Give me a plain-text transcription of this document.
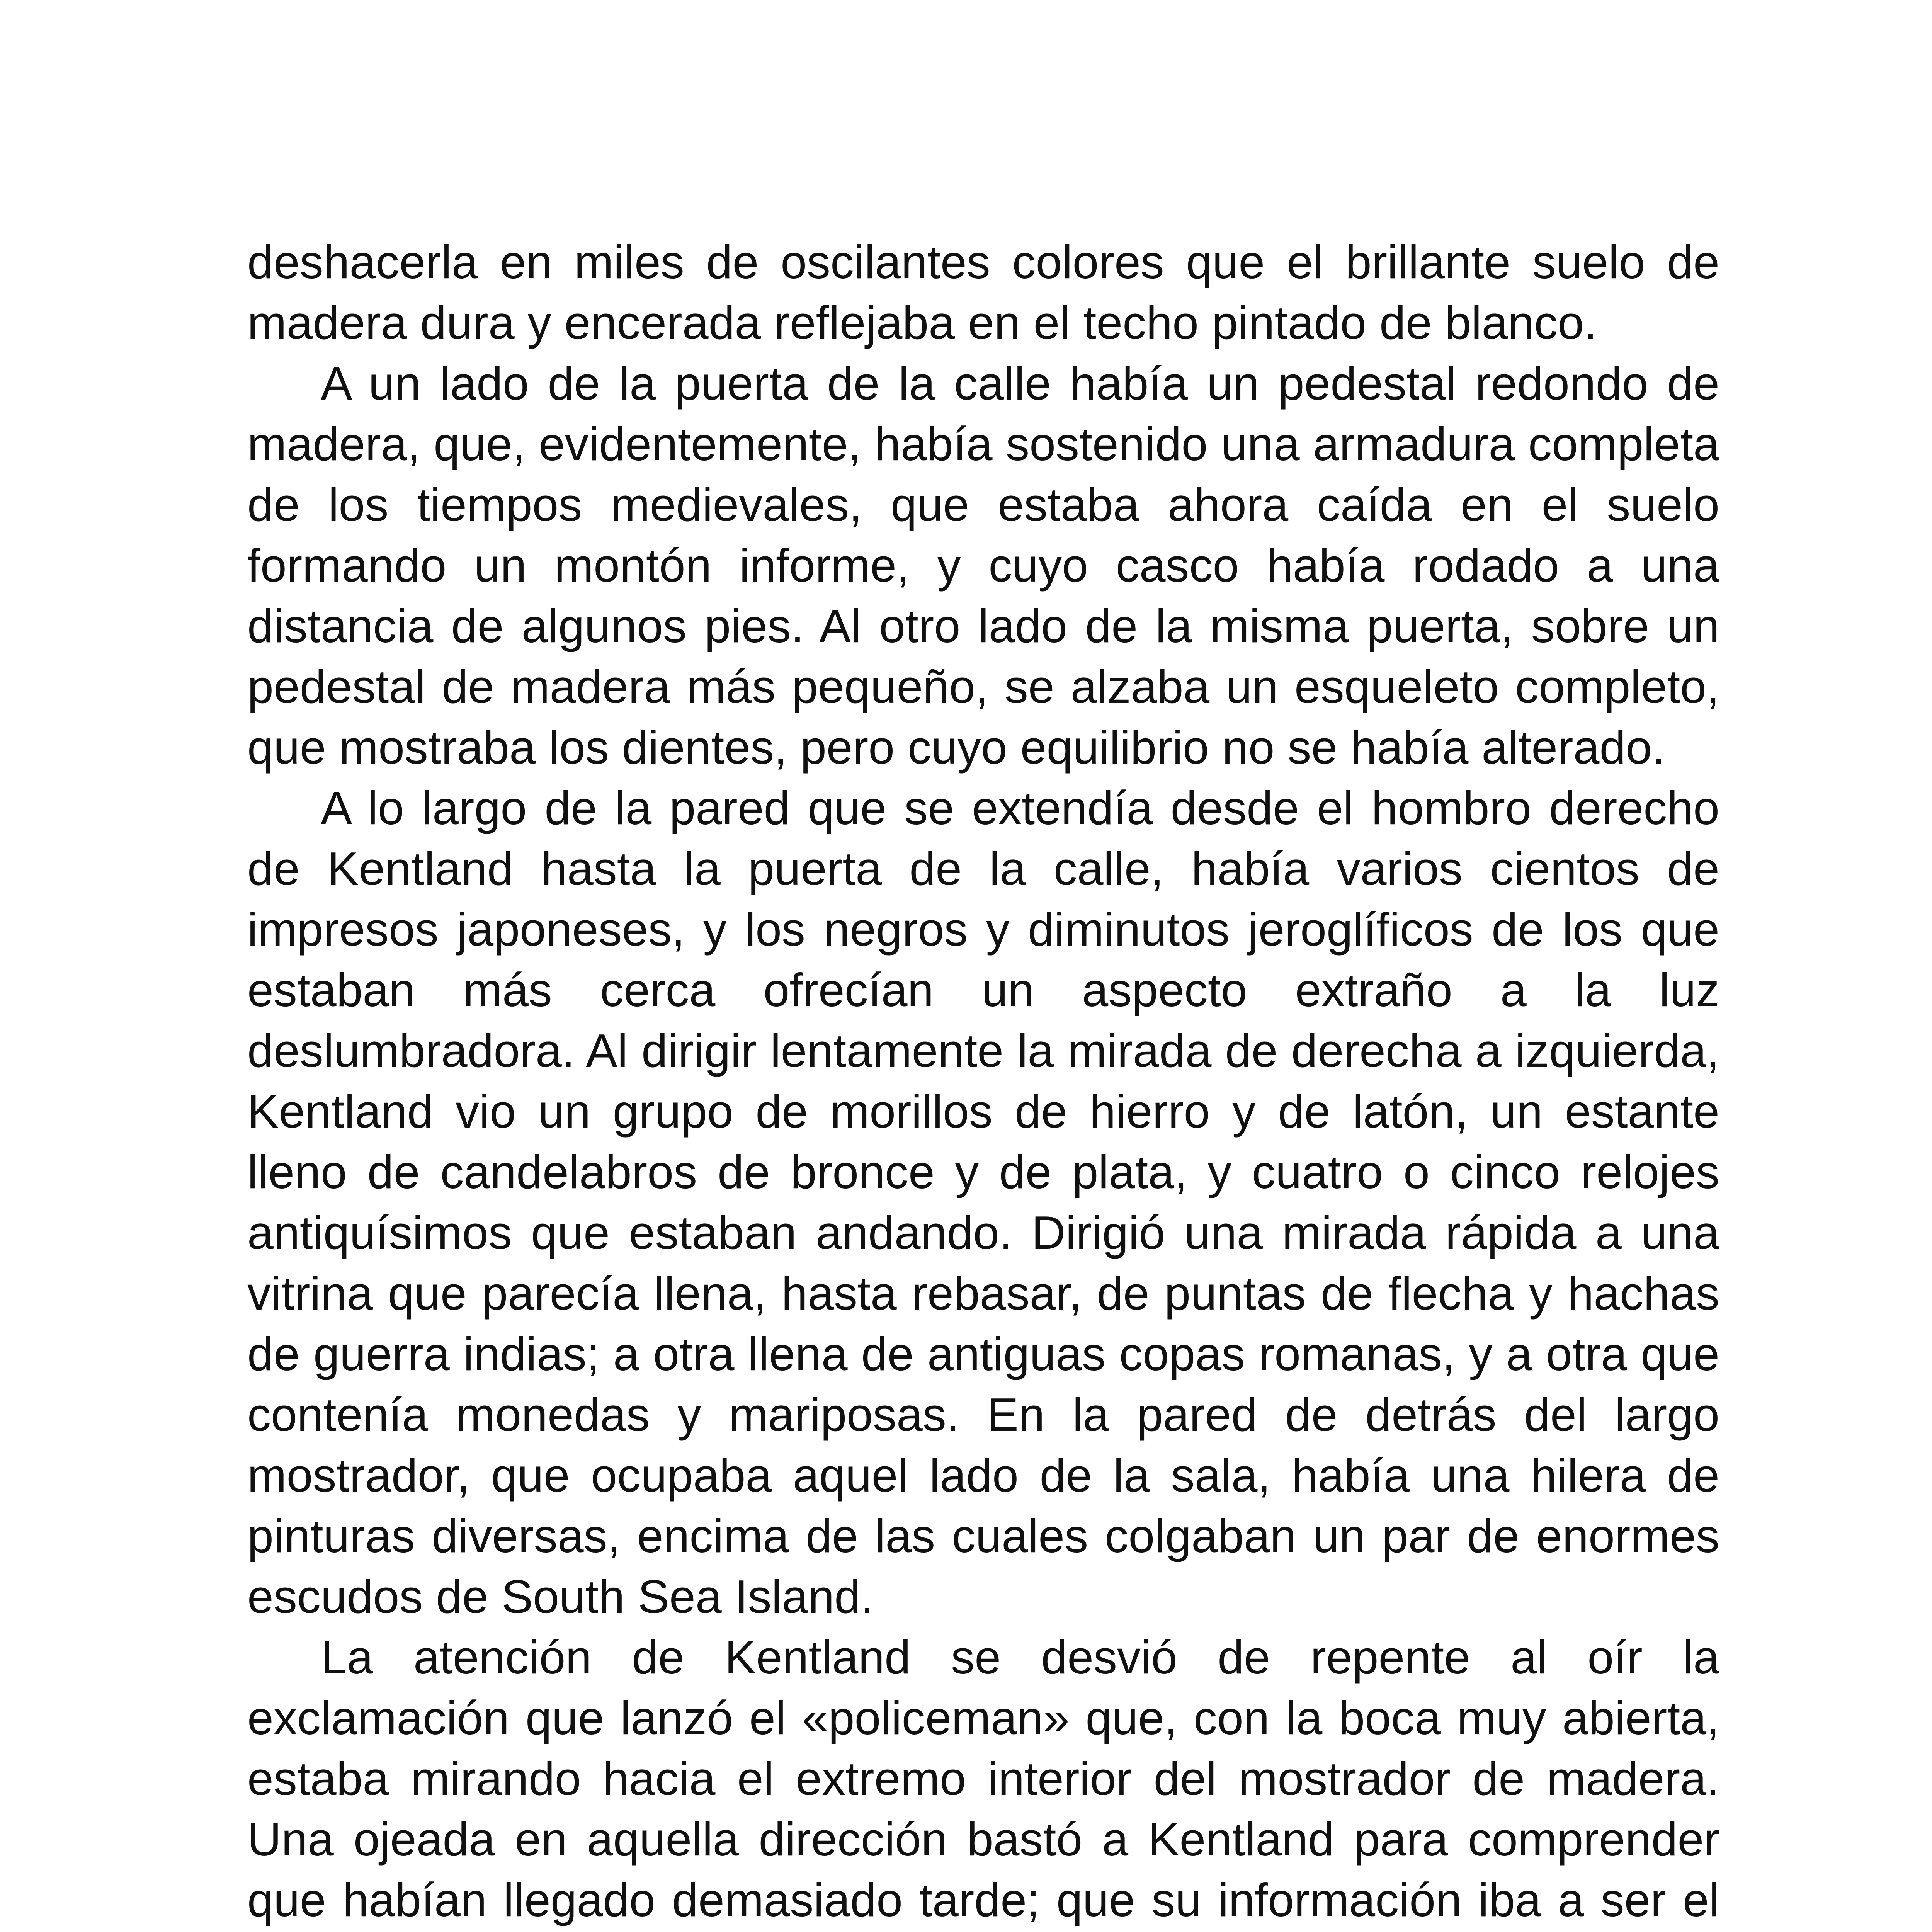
deshacerla en miles de oscilantes colores que el brillante suelo de madera dura y encerada reflejaba en el techo pintado de blanco.

A un lado de la puerta de la calle había un pedestal redondo de madera, que, evidentemente, había sostenido una armadura completa de los tiempos medievales, que estaba ahora caída en el suelo formando un montón informe, y cuyo casco había rodado a una distancia de algunos pies. Al otro lado de la misma puerta, sobre un pedestal de madera más pequeño, se alzaba un esqueleto completo, que mostraba los dientes, pero cuyo equilibrio no se había alterado.

A lo largo de la pared que se extendía desde el hombro derecho de Kentland hasta la puerta de la calle, había varios cientos de impresos japoneses, y los negros y diminutos jeroglíficos de los que estaban más cerca ofrecían un aspecto extraño a la luz deslumbradora. Al dirigir lentamente la mirada de derecha a izquierda, Kentland vio un grupo de morillos de hierro y de latón, un estante lleno de candelabros de bronce y de plata, y cuatro o cinco relojes antiquísimos que estaban andando. Dirigió una mirada rápida a una vitrina que parecía llena, hasta rebasar, de puntas de flecha y hachas de guerra indias; a otra llena de antiguas copas romanas, y a otra que contenía monedas y mariposas. En la pared de detrás del largo mostrador, que ocupaba aquel lado de la sala, había una hilera de pinturas diversas, encima de las cuales colgaban un par de enormes escudos de South Sea Island.

La atención de Kentland se desvió de repente al oír la exclamación que lanzó el «policeman» que, con la boca muy abierta, estaba mirando hacia el extremo interior del mostrador de madera. Una ojeada en aquella dirección bastó a Kentland para comprender que habían llegado demasiado tarde; que su información iba a ser el
